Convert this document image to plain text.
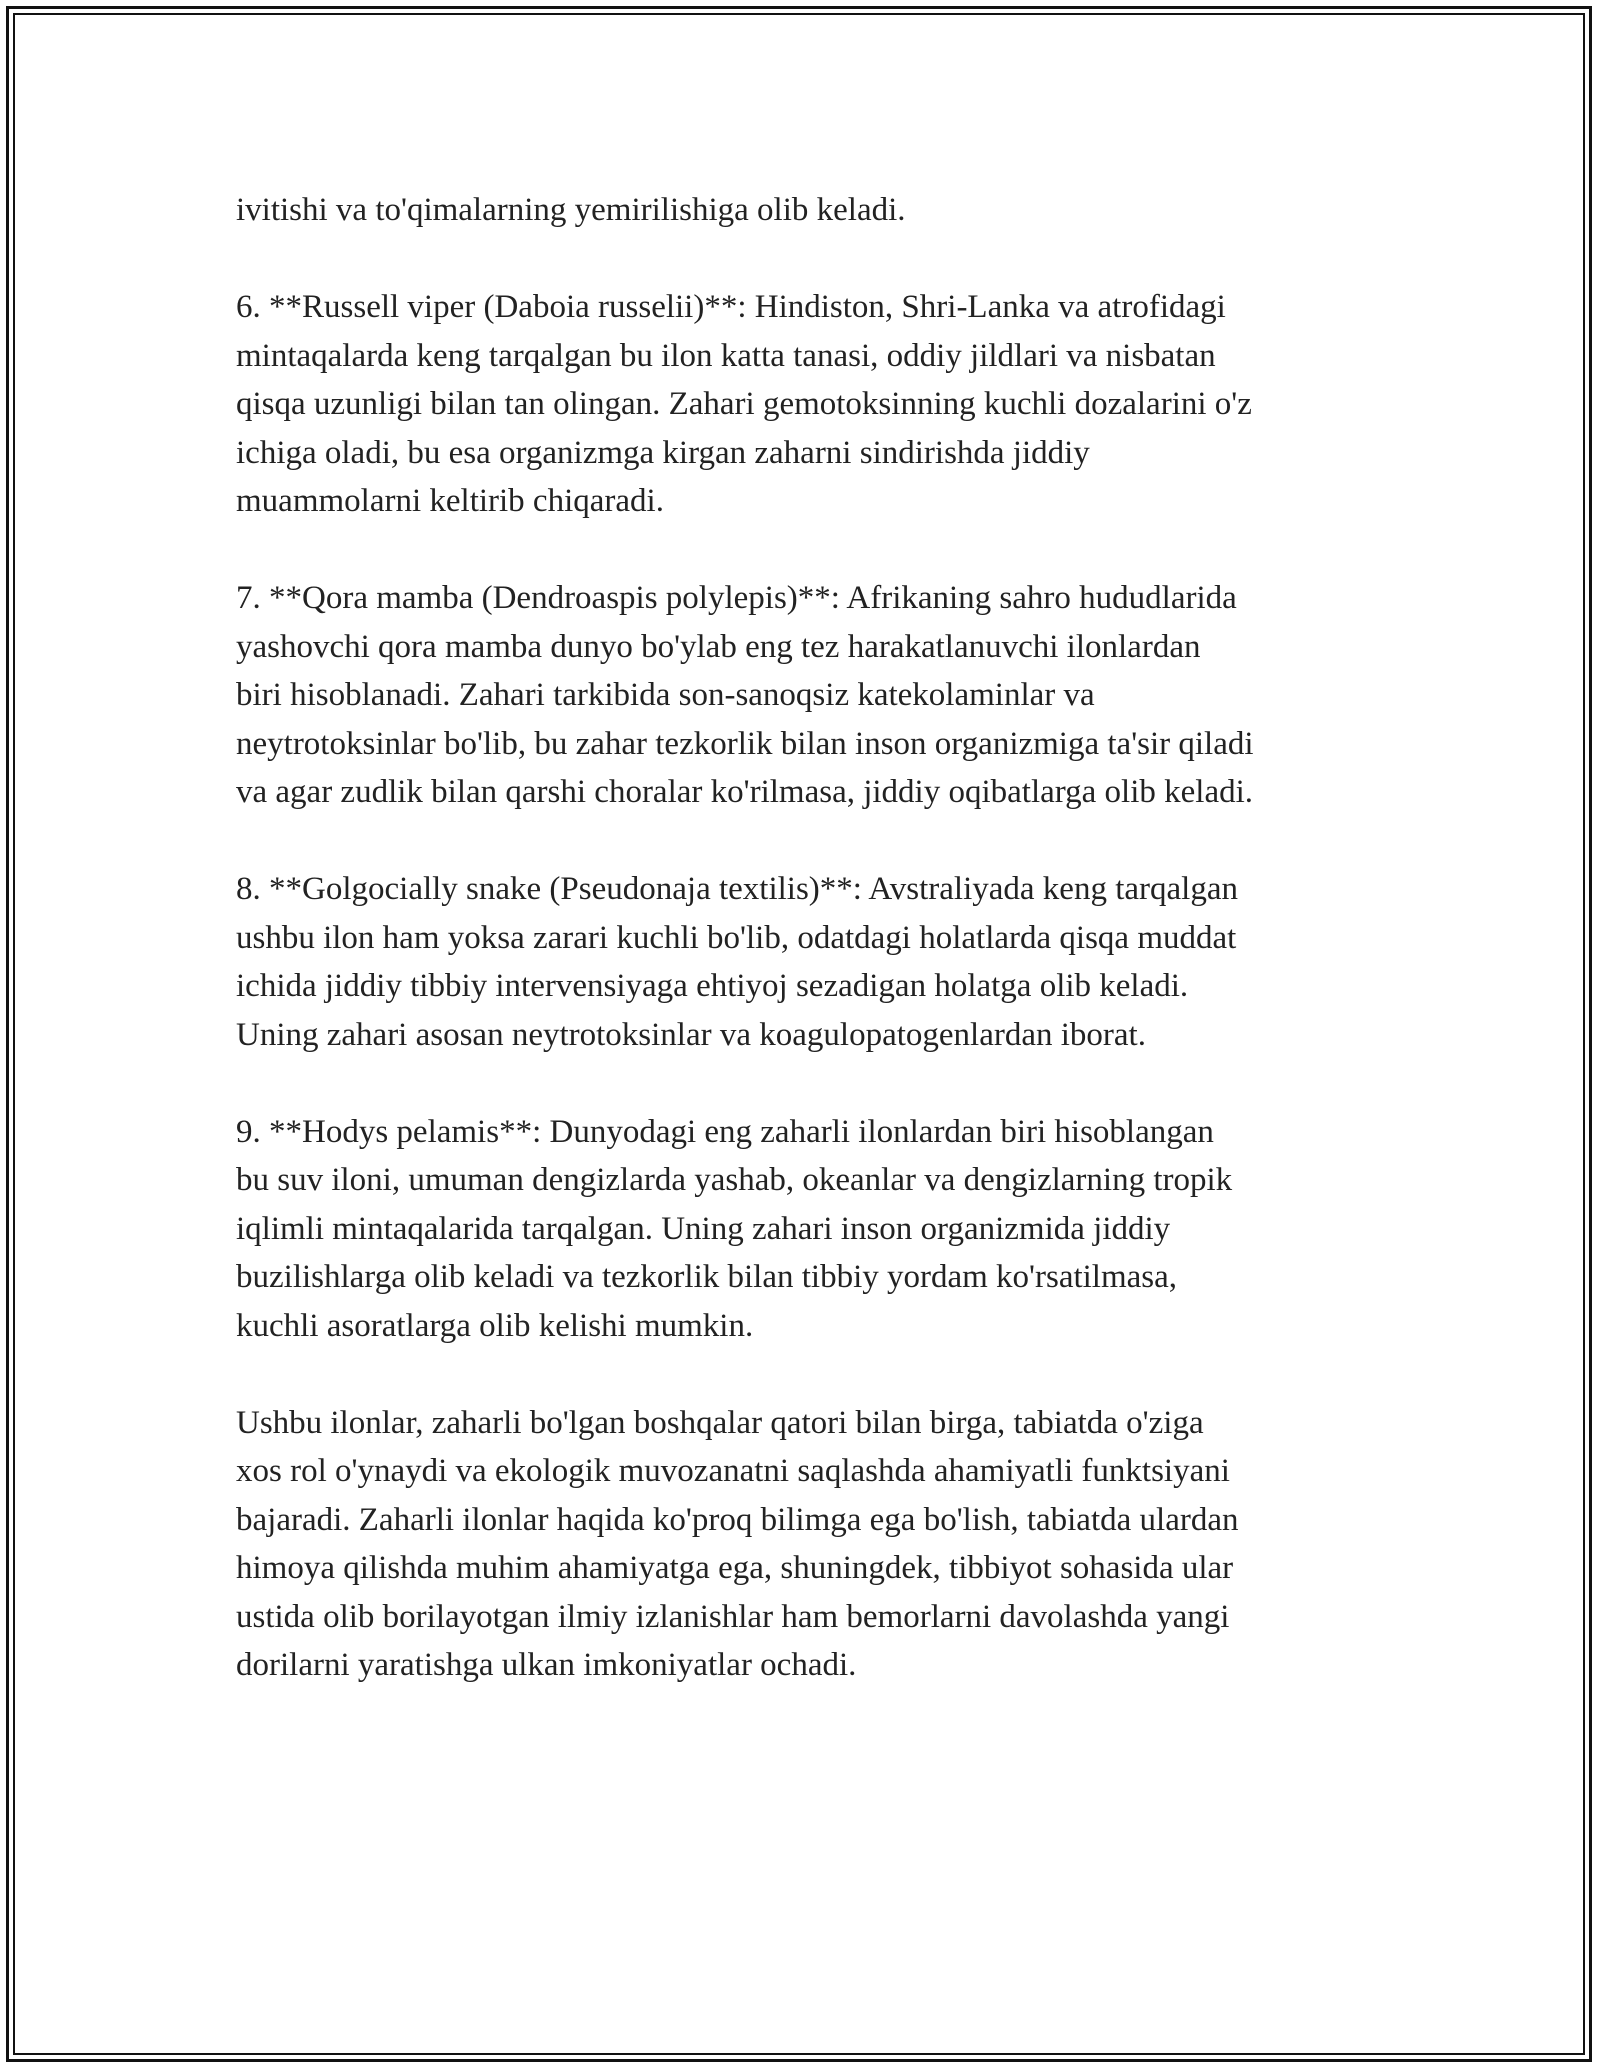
ivitishi va to'qimalarning yemirilishiga olib keladi.

6. **Russell viper (Daboia russelii)**: Hindiston, Shri-Lanka va atrofidagi
mintaqalarda keng tarqalgan bu ilon katta tanasi, oddiy jildlari va nisbatan
qisqa uzunligi bilan tan olingan. Zahari gemotoksinning kuchli dozalarini o'z
ichiga oladi, bu esa organizmga kirgan zaharni sindirishda jiddiy
muammolarni keltirib chiqaradi.

7. **Qora mamba (Dendroaspis polylepis)**: Afrikaning sahro hududlarida
yashovchi qora mamba dunyo bo'ylab eng tez harakatlanuvchi ilonlardan
biri hisoblanadi. Zahari tarkibida son-sanoqsiz katekolaminlar va
neytrotoksinlar bo'lib, bu zahar tezkorlik bilan inson organizmiga ta'sir qiladi
va agar zudlik bilan qarshi choralar ko'rilmasa, jiddiy oqibatlarga olib keladi.

8. **Golgocially snake (Pseudonaja textilis)**: Avstraliyada keng tarqalgan
ushbu ilon ham yoksa zarari kuchli bo'lib, odatdagi holatlarda qisqa muddat
ichida jiddiy tibbiy intervensiyaga ehtiyoj sezadigan holatga olib keladi.
Uning zahari asosan neytrotoksinlar va koagulopatogenlardan iborat.

9. **Hodys pelamis**: Dunyodagi eng zaharli ilonlardan biri hisoblangan
bu suv iloni, umuman dengizlarda yashab, okeanlar va dengizlarning tropik
iqlimli mintaqalarida tarqalgan. Uning zahari inson organizmida jiddiy
buzilishlarga olib keladi va tezkorlik bilan tibbiy yordam ko'rsatilmasa,
kuchli asoratlarga olib kelishi mumkin.

Ushbu ilonlar, zaharli bo'lgan boshqalar qatori bilan birga, tabiatda o'ziga
xos rol o'ynaydi va ekologik muvozanatni saqlashda ahamiyatli funktsiyani
bajaradi. Zaharli ilonlar haqida ko'proq bilimga ega bo'lish, tabiatda ulardan
himoya qilishda muhim ahamiyatga ega, shuningdek, tibbiyot sohasida ular
ustida olib borilayotgan ilmiy izlanishlar ham bemorlarni davolashda yangi
dorilarni yaratishga ulkan imkoniyatlar ochadi.
